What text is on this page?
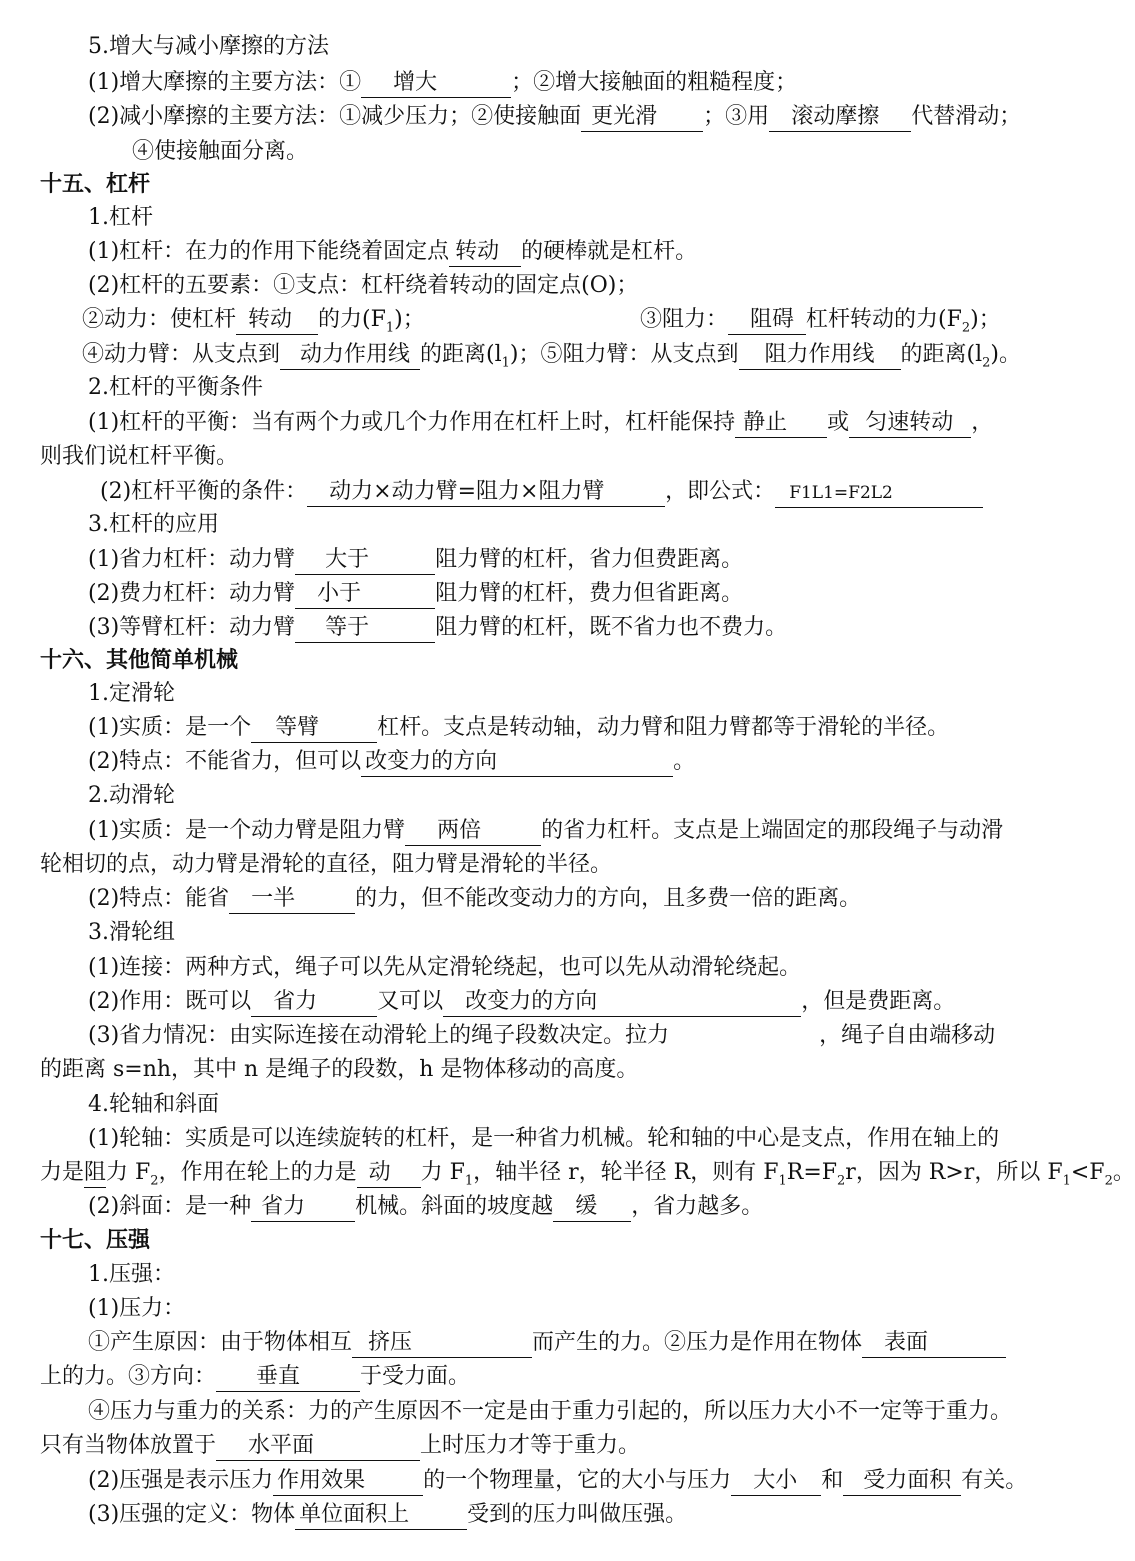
5.增大与减小摩擦的方法
(1)增大摩擦的主要方法：① 增大	；②增大接触面的粗糙程度；
(2)减小摩擦的主要方法：①减少压力；②使接触面 更光滑 ；③用 滚动摩擦 代替滑动；
④使接触面分离。
十五、杠杆
1.杠杆
(1)杠杆：在力的作用下能绕着固定点 转动 的硬棒就是杠杆。
(2)杠杆的五要素：①支点：杠杆绕着转动的固定点(O)；
②动力：使杠杆 转动 的力$(F_1)$；	③阻力： 阻碍 杠杆转动的力$(F_2)$；
④动力臂：从支点到 动力作用线 的距离$(l_1)$；⑤阻力臂：从支点到 阻力作用线 的距离$(l_2)$。
2.杠杆的平衡条件
(1)杠杆的平衡：当有两个力或几个力作用在杠杆上时，杠杆能保持 静止 或 匀速转动 ，
则我们说杠杆平衡。
(2)杠杆平衡的条件： 动力×动力臂=阻力×阻力臂	，即公式： F1L1=F2L2
3.杠杆的应用
(1)省力杠杆：动力臂 大于	阻力臂的杠杆，省力但费距离。
(2)费力杠杆：动力臂 小于	阻力臂的杠杆，费力但省距离。
(3)等臂杠杆：动力臂 等于	阻力臂的杠杆，既不省力也不费力。
十六、其他简单机械
1.定滑轮
(1)实质：是一个 等臂	杠杆。支点是转动轴，动力臂和阻力臂都等于滑轮的半径。
(2)特点：不能省力，但可以 改变力的方向	。
2.动滑轮
(1)实质：是一个动力臂是阻力臂 两倍	的省力杠杆。支点是上端固定的那段绳子与动滑
轮相切的点，动力臂是滑轮的直径，阻力臂是滑轮的半径。
(2)特点：能省 一半	的力，但不能改变动力的方向，且多费一倍的距离。
3.滑轮组
(1)连接：两种方式，绳子可以先从定滑轮绕起，也可以先从动滑轮绕起。
(2)作用：既可以 省力	又可以 改变力的方向	，但是费距离。
(3)省力情况：由实际连接在动滑轮上的绳子段数决定。拉力	，绳子自由端移动
的距离 s=nh，其中 n 是绳子的段数，h 是物体移动的高度。
4.轮轴和斜面
(1)轮轴：实质是可以连续旋转的杠杆，是一种省力机械。轮和轴的中心是支点，作用在轴上的
力是阻力 $F_2$，作用在轮上的力是 动 力 $F_1$，轴半径 r，轮半径 R，则有 $F_1R=F_2r$，因为 R>r，所以 $F_1<F_2$。
(2)斜面：是一种 省力 机械。斜面的坡度越 缓 ，省力越多。
十七、压强
1.压强：
(1)压力：
①产生原因：由于物体相互 挤压	而产生的力。②压力是作用在物体 表面
上的力。③方向： 垂直	于受力面。
④压力与重力的关系：力的产生原因不一定是由于重力引起的，所以压力大小不一定等于重力。
只有当物体放置于 水平面	上时压力才等于重力。
(2)压强是表示压力 作用效果	的一个物理量，它的大小与压力 大小 和 受力面积 有关。
(3)压强的定义：物体 单位面积上	受到的压力叫做压强。
